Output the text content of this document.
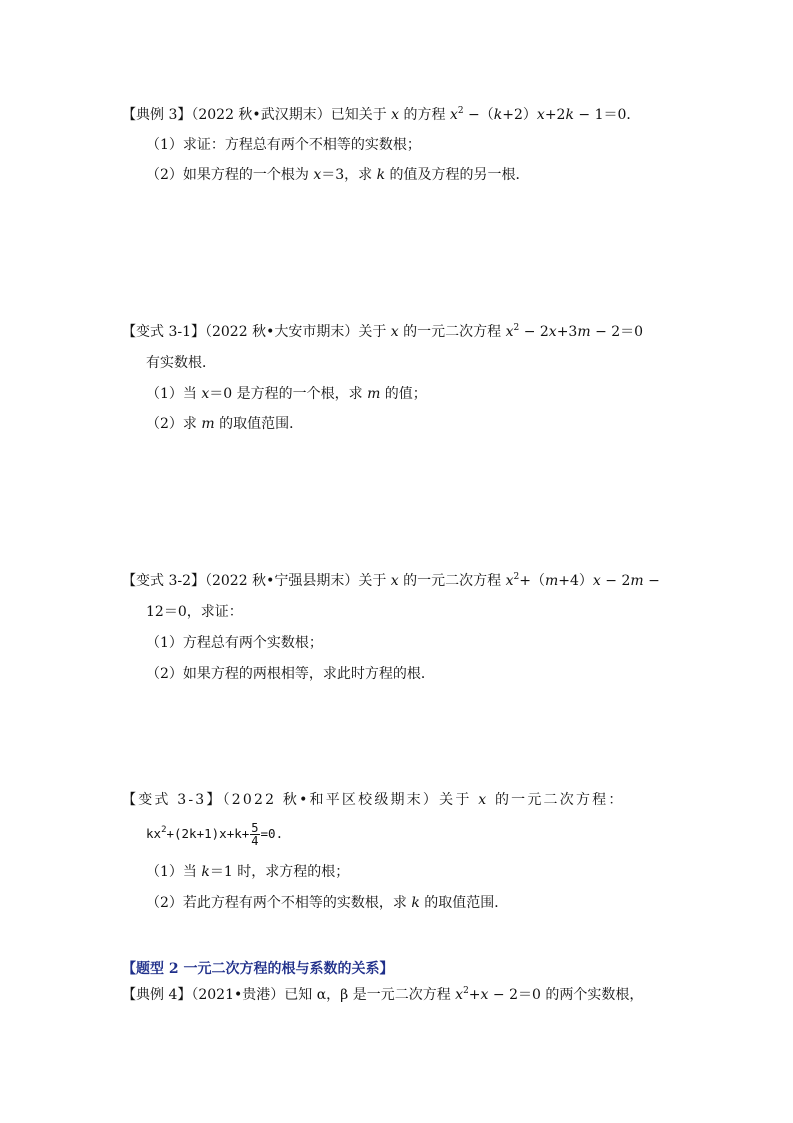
【典例 3】（2022 秋•武汉期末）已知关于 x 的方程 $x^2 -(k+2)x+2k - 1=0$．
（1）求证：方程总有两个不相等的实数根；
（2）如果方程的一个根为 x＝3，求 k 的值及方程的另一根．
【变式 3-1】（2022 秋•大安市期末）关于 x 的一元二次方程 $x^2 - 2x+3m - 2=0$
有实数根．
（1）当 x＝0 是方程的一个根，求 m 的值；
（2）求 m 的取值范围．
【变式 3-2】（2022 秋•宁强县期末）关于 x 的一元二次方程 $x^2+(m+4)x - 2m$ −
12＝0，求证：
（1）方程总有两个实数根；
（2）如果方程的两根相等，求此时方程的根．
【变式 3-3】（2022 秋•和平区校级期末）关于 x 的一元二次方程：
$kx^2+(2k+1)x+k+ \frac{5}{4} =0$.
（1）当 k＝1 时，求方程的根；
（2）若此方程有两个不相等的实数根，求 k 的取值范围．
【题型 2 一元二次方程的根与系数的关系】
【典例 4】（2021•贵港）已知 α，β 是一元二次方程 $x^2+x - 2=0$ 的两个实数根，
